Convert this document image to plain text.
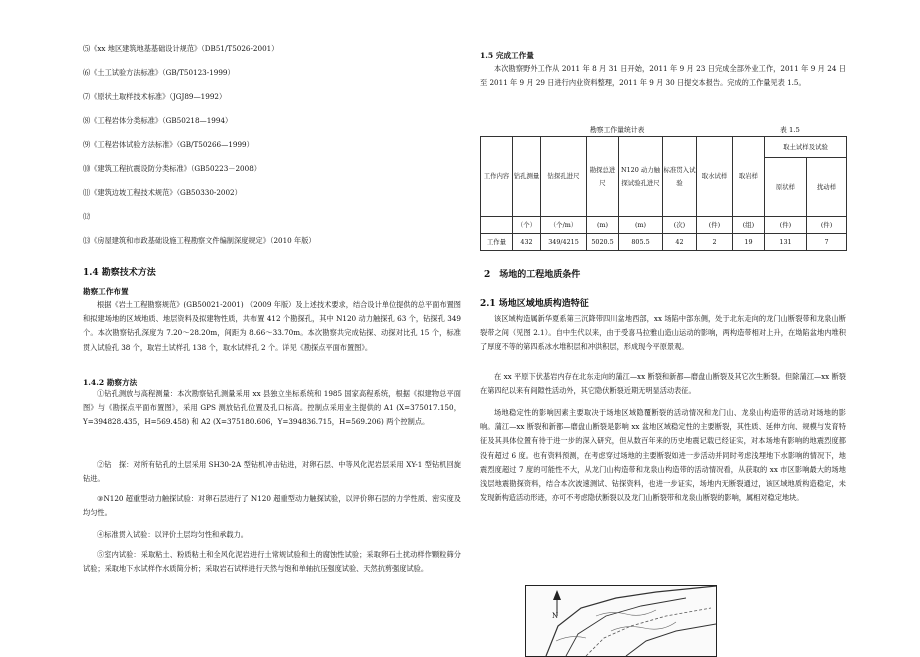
⑸《xx 地区建筑地基基础设计规范》（DB51/T5026-2001）
⑹《土工试验方法标准》（GB/T50123-1999）
⑺《原状土取样技术标准》（JGJ89—1992）
⑻《工程岩体分类标准》（GB50218—1994）
⑼《工程岩体试验方法标准》（GB/T50266—1999）
⑽《建筑工程抗震设防分类标准》（GB50223－2008）
⑾《建筑边坡工程技术规范》（GB50330-2002）
⑿
⒀《房屋建筑和市政基础设施工程勘察文件编制深度规定》（2010 年版）
1.4 勘察技术方法
勘察工作布置
根据《岩土工程勘察规范》(GB50021-2001) （2009 年版）及上述技术要求，结合设计单位提供的总平面布置图和拟建场地的区域地质、地层资料及拟建物性质，共布置 412 个勘探孔，其中 N120 动力触探孔 63 个，钻探孔 349 个。本次勘察钻孔深度为 7.20～28.20m，间距为 8.66～33.70m。本次勘察共完成钻探、动探对比孔 15 个，标准贯入试验孔 38 个，取岩土试样孔 138 个，取水试样孔 2 个。详见《勘探点平面布置图》。
1.4.2 勘察方法
①钻孔测放与高程测量：本次勘察钻孔测量采用 xx 县独立坐标系统和 1985 国家高程系统，根据《拟建物总平面图》与《勘探点平面布置图》，采用 GPS 测放钻孔位置及孔口标高。控制点采用业主提供的 A1 (X=375017.150，Y=394828.435，H=569.458) 和 A2 (X=375180.606，Y=394836.715，H=569.206) 两个控制点。
②钻　探：对所有钻孔的土层采用 SH30-2A 型钻机冲击钻进，对卵石层、中等风化泥岩层采用 XY-1 型钻机回旋钻进。
③N120 超重型动力触探试验：对卵石层进行了 N120 超重型动力触探试验，以评价卵石层的力学性质、密实度及均匀性。
④标准贯入试验：以评价土层均匀性和承载力。
⑤室内试验：采取粘土、粉质粘土和全风化泥岩进行土常规试验和土的腐蚀性试验；采取卵石土扰动样作颗粒筛分试验；采取地下水试样作水质简分析；采取岩石试样进行天然与饱和单轴抗压强度试验、天然抗剪强度试验。
1.5 完成工作量
本次勘察野外工作从 2011 年 8 月 31 日开始，2011 年 9 月 23 日完成全部外业工作，2011 年 9 月 24 日至 2011 年 9 月 29 日进行内业资料整理，2011 年 9 月 30 日提交本报告。完成的工作量见表 1.5。
勘察工作量统计表	表 1.5
工作内容	钻孔测量	钻探孔进尺	勘探总进尺	N120 动力触探试验孔进尺	标准贯入试验	取水试样	取岩样	取土试样及试验	
								原状样	扰动样
	（个）	（个/m）	(m)	(m)	(次)	(件)	(组)	(件)	(件)
工作量	432	349/4215	5020.5	805.5	42	2	19	131	7
2　场地的工程地质条件
2.1 场地区域地质构造特征
该区域构造属新华夏系第三沉降带四川盆地西部，xx 场陷中部东侧，处于北东走向的龙门山断裂带和龙泉山断裂带之间（见图 2.1）。自中生代以来，由于受喜马拉雅山造山运动的影响，两构造带相对上升，在坳陷盆地内堆积了厚度不等的第四系冰水堆积层和冲洪积层，形成现今平原景观。
在 xx 平原下伏基岩内存在北东走向的蒲江—xx 断裂和新都—磨盘山断裂及其它次生断裂。但除蒲江—xx 断裂在第四纪以来有间隙性活动外，其它隐伏断裂近期无明显活动表征。
场地稳定性的影响因素主要取决于场地区域隐覆断裂的活动情况和龙门山、龙泉山构造带的活动对场地的影响。蒲江—xx 断裂和新都—磨盘山断裂是影响 xx 盆地区域稳定性的主要断裂，其性质、延伸方向、规模与发育特征及其具体位置有待于进一步的深入研究，但从数百年来的历史地震记载已经证实，对本场地有影响的地震烈度都没有超过 6 度。也有资料预测，在考虑穿过场地的主要断裂如进一步活动并同时考虑浅埋地下水影响的情况下，地震烈度超过 7 度的可能性不大，从龙门山构造带和龙泉山构造带的活动情况看，从获取的 xx 市区影响最大的场地浅层地震勘探资料，结合本次波速测试、钻探资料，也进一步证实，场地内无断裂通过，该区域地质构造稳定，未发现新构造活动形迹，亦可不考虑隐伏断裂以及龙门山断裂带和龙泉山断裂的影响，属相对稳定地块。
N
